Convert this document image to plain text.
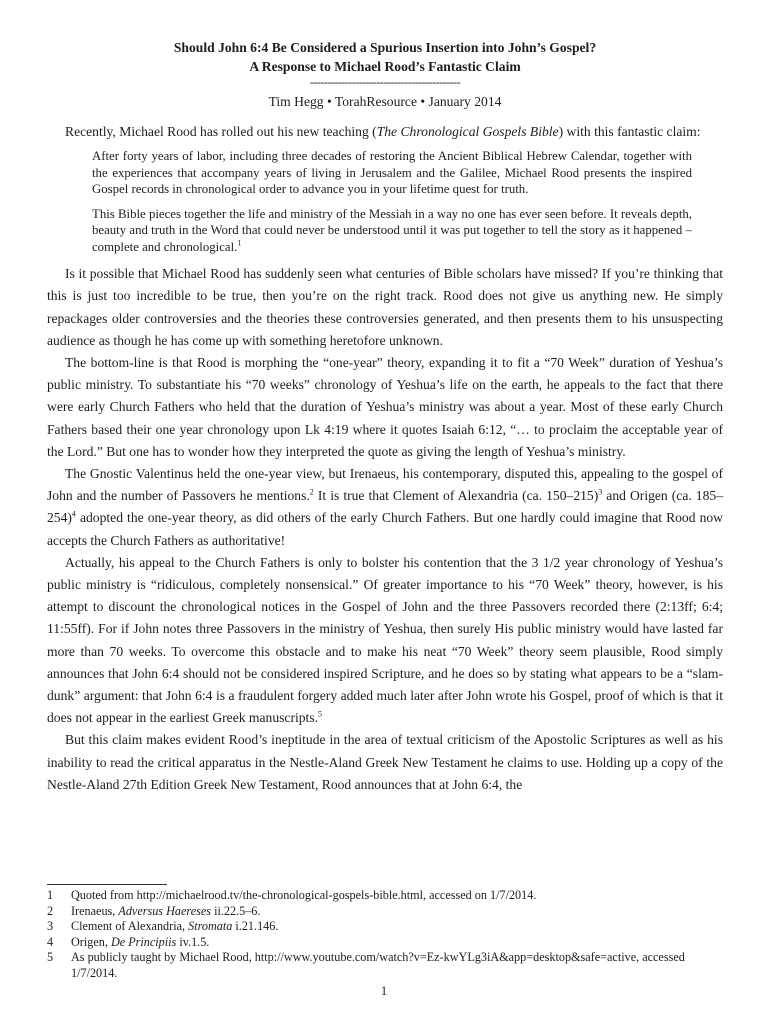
Should John 6:4 Be Considered a Spurious Insertion into John’s Gospel?

A Response to Michael Rood’s Fantastic Claim

-------------------------------------------

Tim Hegg • TorahResource • January 2014

Recently, Michael Rood has rolled out his new teaching (The Chronological Gospels Bible) with this fantastic claim:

After forty years of labor, including three decades of restoring the Ancient Biblical Hebrew Calendar, together with the experiences that accompany years of living in Jerusalem and the Galilee, Michael Rood presents the inspired Gospel records in chronological order to advance you in your lifetime quest for truth.

This Bible pieces together the life and ministry of the Messiah in a way no one has ever seen before. It reveals depth, beauty and truth in the Word that could never be understood until it was put together to tell the story as it happened – complete and chronological.$^1$

Is it possible that Michael Rood has suddenly seen what centuries of Bible scholars have missed? If you’re thinking that this is just too incredible to be true, then you’re on the right track. Rood does not give us anything new. He simply repackages older controversies and the theories these controversies generated, and then presents them to his unsuspecting audience as though he has come up with something heretofore unknown.

The bottom-line is that Rood is morphing the “one-year” theory, expanding it to fit a “70 Week” duration of Yeshua’s public ministry. To substantiate his “70 weeks” chronology of Yeshua’s life on the earth, he appeals to the fact that there were early Church Fathers who held that the duration of Yeshua’s ministry was about a year. Most of these early Church Fathers based their one year chronology upon Lk 4:19 where it quotes Isaiah 6:12, “… to proclaim the acceptable year of the Lord.” But one has to wonder how they interpreted the quote as giving the length of Yeshua’s ministry.

The Gnostic Valentinus held the one-year view, but Irenaeus, his contemporary, disputed this, appealing to the gospel of John and the number of Passovers he mentions.$^2$ It is true that Clement of Alexandria (ca. 150–215)$^3$ and Origen (ca. 185–254)$^4$ adopted the one-year theory, as did others of the early Church Fathers. But one hardly could imagine that Rood now accepts the Church Fathers as authoritative!

Actually, his appeal to the Church Fathers is only to bolster his contention that the 3 1/2 year chronology of Yeshua’s public ministry is “ridiculous, completely nonsensical.” Of greater importance to his “70 Week” theory, however, is his attempt to discount the chronological notices in the Gospel of John and the three Passovers recorded there (2:13ff; 6:4; 11:55ff). For if John notes three Passovers in the ministry of Yeshua, then surely His public ministry would have lasted far more than 70 weeks. To overcome this obstacle and to make his neat “70 Week” theory seem plausible, Rood simply announces that John 6:4 should not be considered inspired Scripture, and he does so by stating what appears to be a “slam-dunk” argument: that John 6:4 is a fraudulent forgery added much later after John wrote his Gospel, proof of which is that it does not appear in the earliest Greek manuscripts.$^5$

But this claim makes evident Rood’s ineptitude in the area of textual criticism of the Apostolic Scriptures as well as his inability to read the critical apparatus in the Nestle-Aland Greek New Testament he claims to use. Holding up a copy of the Nestle-Aland 27th Edition Greek New Testament, Rood announces that at John 6:4, the

1	Quoted from http://michaelrood.tv/the-chronological-gospels-bible.html, accessed on 1/7/2014.
2	Irenaeus, Adversus Haereses ii.22.5–6.
3	Clement of Alexandria, Stromata i.21.146.
4	Origen, De Principiis iv.1.5.
5	As publicly taught by Michael Rood, http://www.youtube.com/watch?v=Ez-kwYLg3iA&app=desktop&safe=active, accessed 1/7/2014.
1
